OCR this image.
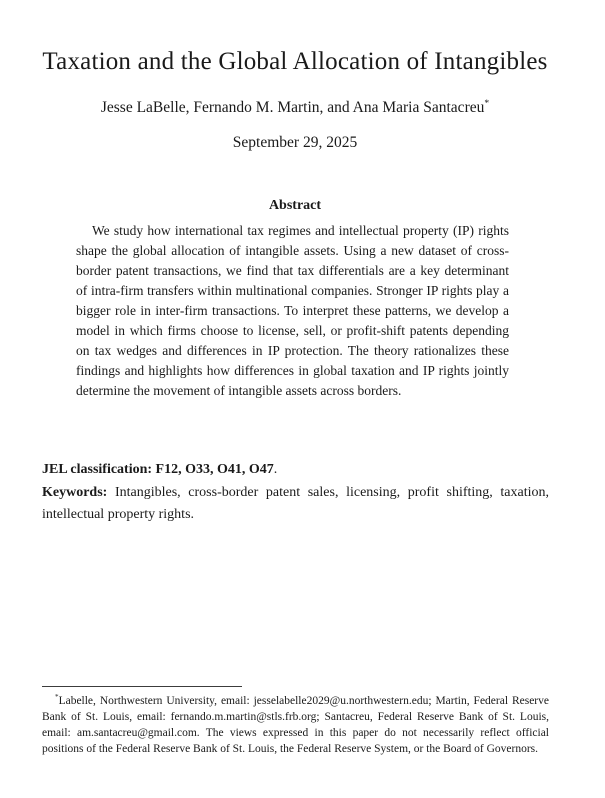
Taxation and the Global Allocation of Intangibles
Jesse LaBelle, Fernando M. Martin, and Ana Maria Santacreu*
September 29, 2025
Abstract

We study how international tax regimes and intellectual property (IP) rights shape the global allocation of intangible assets. Using a new dataset of cross-border patent transactions, we find that tax differentials are a key determinant of intra-firm transfers within multinational companies. Stronger IP rights play a bigger role in inter-firm transactions. To interpret these patterns, we develop a model in which firms choose to license, sell, or profit-shift patents depending on tax wedges and differences in IP protection. The theory rationalizes these findings and highlights how differences in global taxation and IP rights jointly determine the movement of intangible assets across borders.

JEL classification: F12, O33, O41, O47.

Keywords: Intangibles, cross-border patent sales, licensing, profit shifting, taxation, intellectual property rights.

*Labelle, Northwestern University, email: jesselabelle2029@u.northwestern.edu; Martin, Federal Reserve Bank of St. Louis, email: fernando.m.martin@stls.frb.org; Santacreu, Federal Reserve Bank of St. Louis, email: am.santacreu@gmail.com. The views expressed in this paper do not necessarily reflect official positions of the Federal Reserve Bank of St. Louis, the Federal Reserve System, or the Board of Governors.
